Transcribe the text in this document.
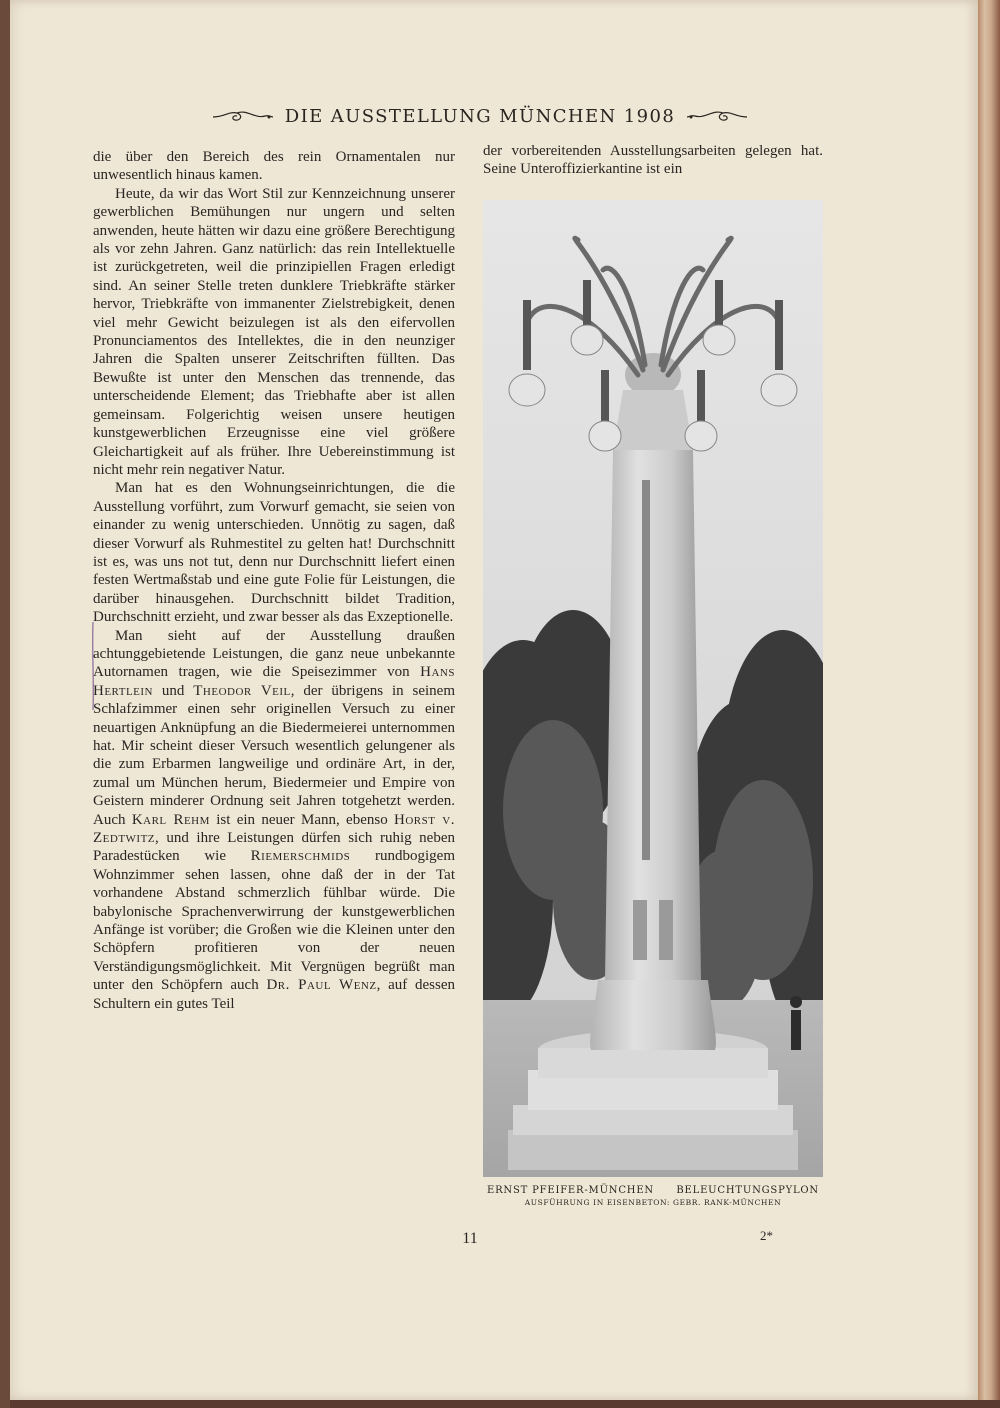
DIE AUSSTELLUNG MÜNCHEN 1908

die über den Bereich des rein Ornamentalen nur unwesentlich hinaus kamen.

Heute, da wir das Wort Stil zur Kennzeichnung unserer gewerblichen Bemühungen nur ungern und selten anwenden, heute hätten wir dazu eine größere Berechtigung als vor zehn Jahren. Ganz natürlich: das rein Intellektuelle ist zurückgetreten, weil die prinzipiellen Fragen erledigt sind. An seiner Stelle treten dunklere Triebkräfte stärker hervor, Triebkräfte von immanenter Zielstrebigkeit, denen viel mehr Gewicht beizulegen ist als den eifervollen Pronunciamentos des Intellektes, die in den neunziger Jahren die Spalten unserer Zeitschriften füllten. Das Bewußte ist unter den Menschen das trennende, das unterscheidende Element; das Triebhafte aber ist allen gemeinsam. Folgerichtig weisen unsere heutigen kunstgewerblichen Erzeugnisse eine viel größere Gleichartigkeit auf als früher. Ihre Uebereinstimmung ist nicht mehr rein negativer Natur.

Man hat es den Wohnungseinrichtungen, die die Ausstellung vorführt, zum Vorwurf gemacht, sie seien von einander zu wenig unterschieden. Unnötig zu sagen, daß dieser Vorwurf als Ruhmestitel zu gelten hat! Durchschnitt ist es, was uns not tut, denn nur Durchschnitt liefert einen festen Wertmaßstab und eine gute Folie für Leistungen, die darüber hinausgehen. Durchschnitt bildet Tradition, Durchschnitt erzieht, und zwar besser als das Exzeptionelle.

Man sieht auf der Ausstellung draußen achtunggebietende Leistungen, die ganz neue unbekannte Autornamen tragen, wie die Speisezimmer von Hans Hertlein und Theodor Veil, der übrigens in seinem Schlafzimmer einen sehr originellen Versuch zu einer neuartigen Anknüpfung an die Biedermeierei unternommen hat. Mir scheint dieser Versuch wesentlich gelungener als die zum Erbarmen langweilige und ordinäre Art, in der, zumal um München herum, Biedermeier und Empire von Geistern minderer Ordnung seit Jahren totgehetzt werden. Auch Karl Rehm ist ein neuer Mann, ebenso Horst v. Zedtwitz, und ihre Leistungen dürfen sich ruhig neben Paradestücken wie Riemerschmids rundbogigem Wohnzimmer sehen lassen, ohne daß der in der Tat vorhandene Abstand schmerzlich fühlbar würde. Die babylonische Sprachenverwirrung der kunstgewerblichen Anfänge ist vorüber; die Großen wie die Kleinen unter den Schöpfern profitieren von der neuen Verständigungsmöglichkeit. Mit Vergnügen begrüßt man unter den Schöpfern auch Dr. Paul Wenz, auf dessen Schultern ein gutes Teil

der vorbereitenden Ausstellungsarbeiten gelegen hat. Seine Unteroffizierkantine ist ein
ERNST PFEIFER-MÜNCHEN BELEUCHTUNGSPYLON
AUSFÜHRUNG IN EISENBETON: GEBR. RANK-MÜNCHEN
11	2*
